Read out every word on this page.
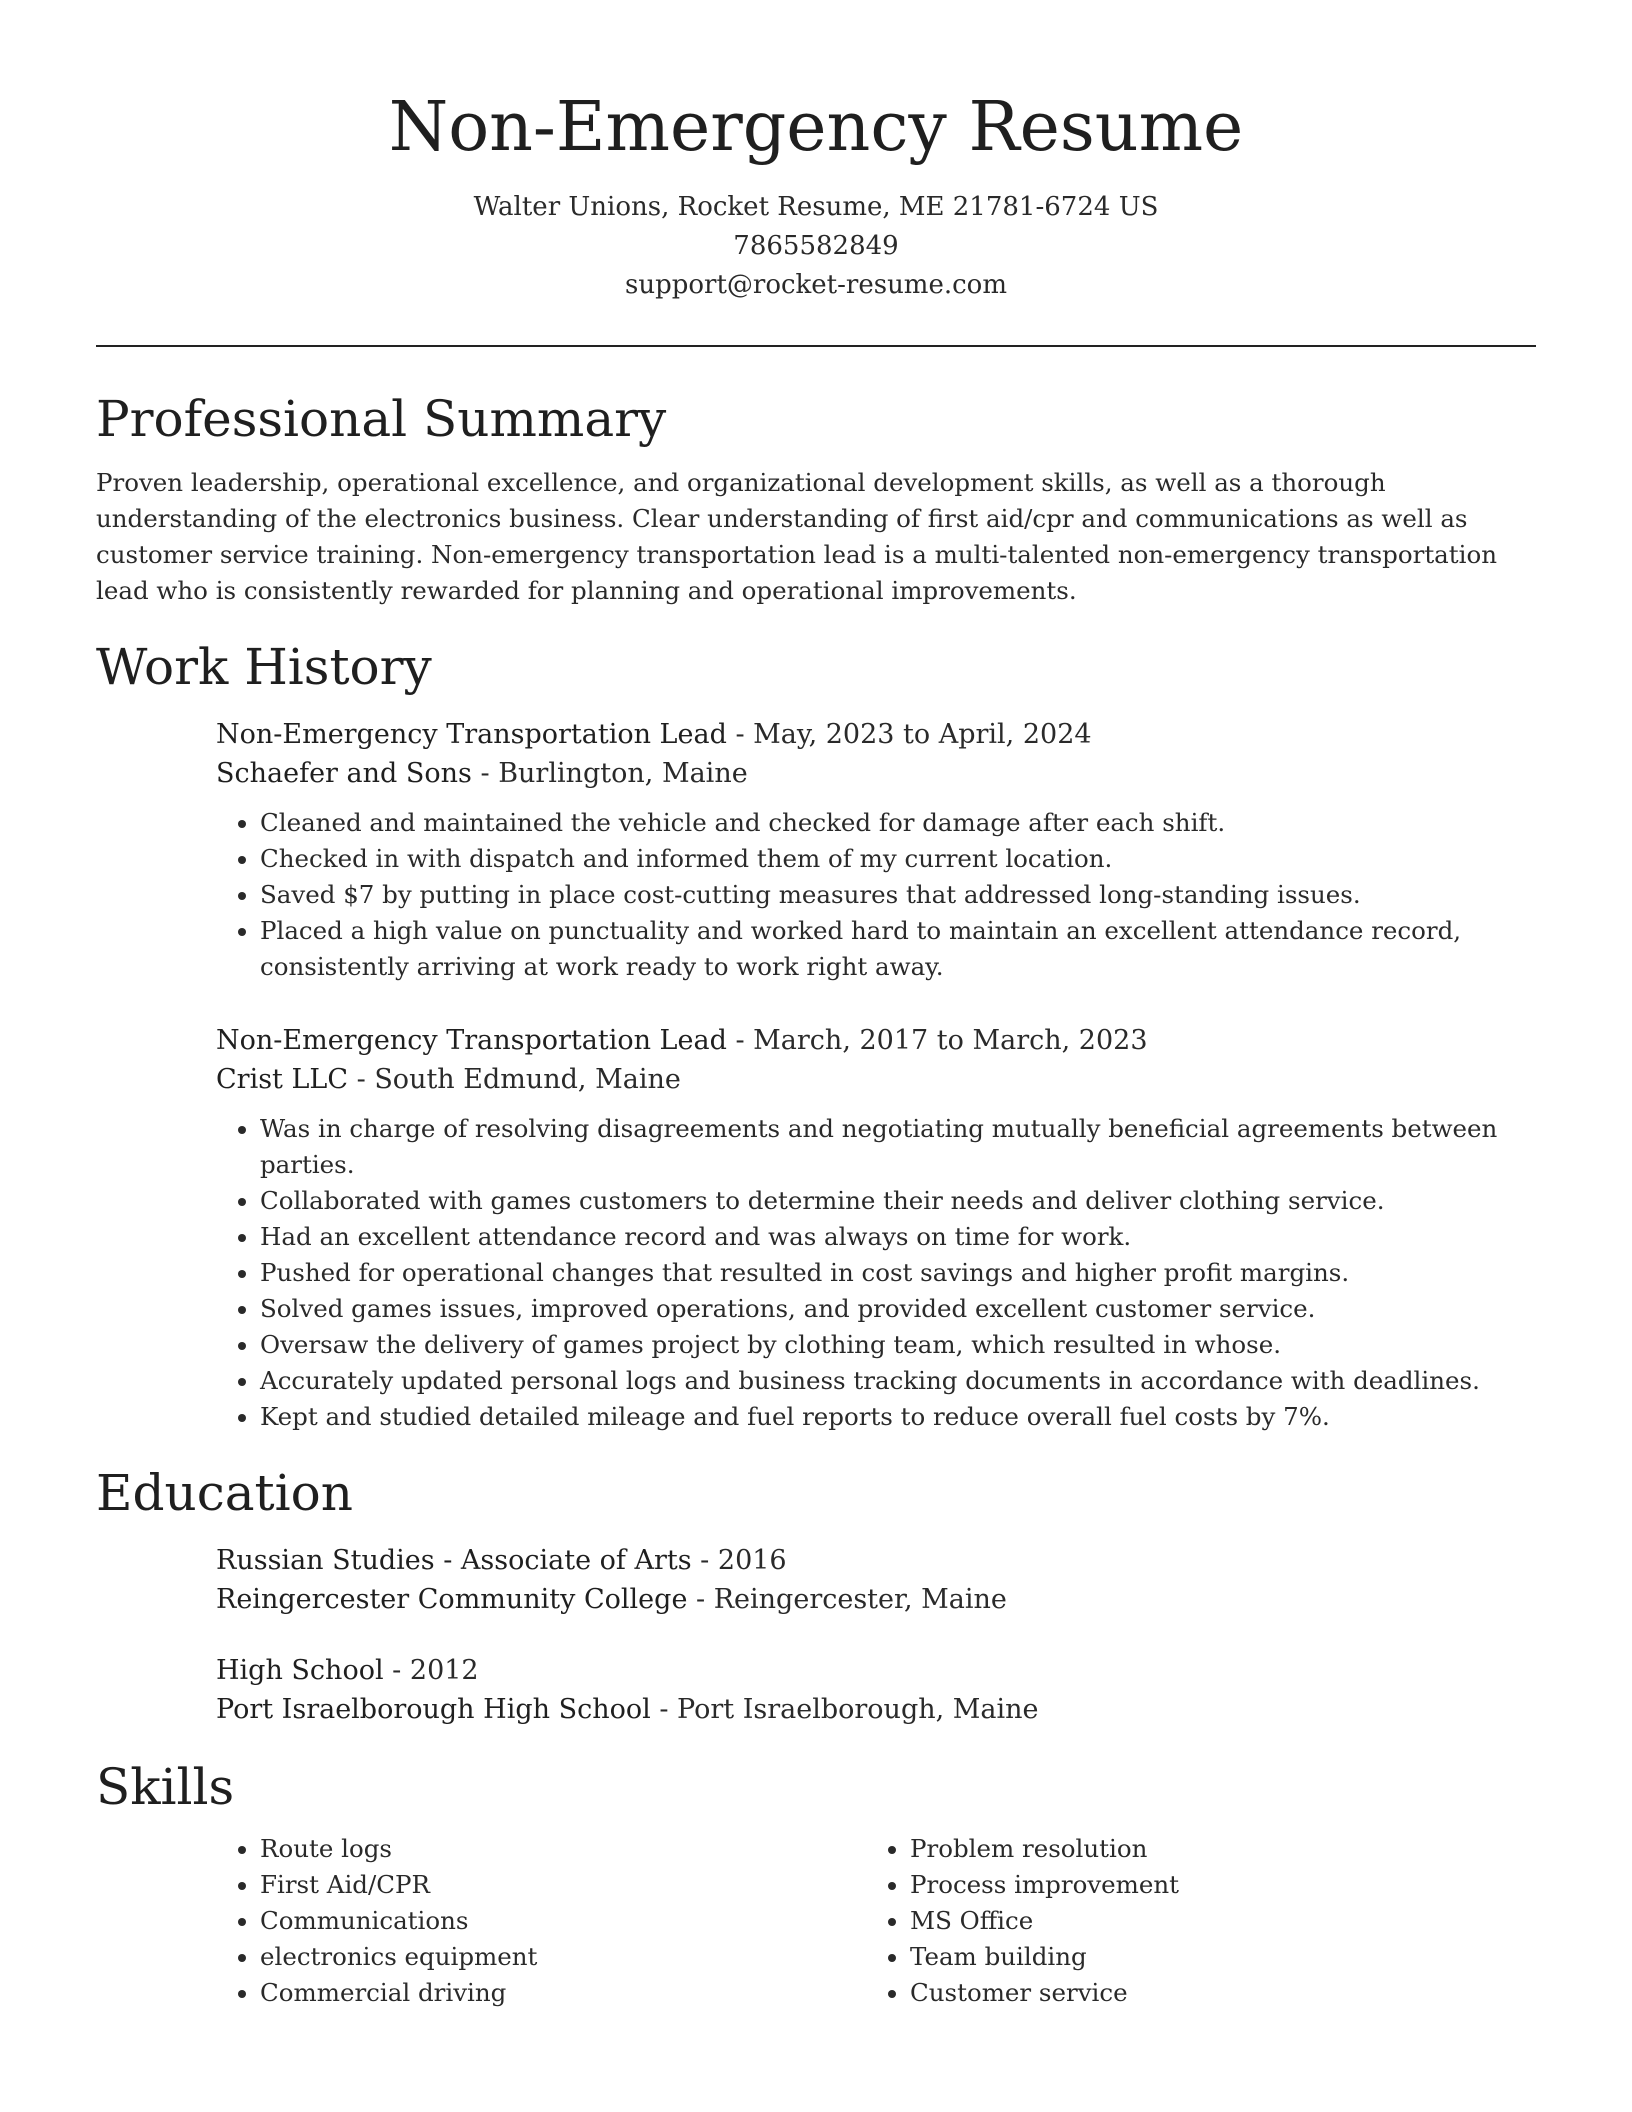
Non-Emergency Resume
Walter Unions, Rocket Resume, ME 21781-6724 US
7865582849
support@rocket-resume.com
Professional Summary

Proven leadership, operational excellence, and organizational development skills, as well as a thorough understanding of the electronics business. Clear understanding of first aid/cpr and communications as well as customer service training. Non-emergency transportation lead is a multi-talented non-emergency transportation lead who is consistently rewarded for planning and operational improvements.

Work History
Non-Emergency Transportation Lead - May, 2023 to April, 2024
Schaefer and Sons - Burlington, Maine
• Cleaned and maintained the vehicle and checked for damage after each shift.
• Checked in with dispatch and informed them of my current location.
• Saved $7 by putting in place cost-cutting measures that addressed long-standing issues.
• Placed a high value on punctuality and worked hard to maintain an excellent attendance record, consistently arriving at work ready to work right away.
Non-Emergency Transportation Lead - March, 2017 to March, 2023
Crist LLC - South Edmund, Maine
• Was in charge of resolving disagreements and negotiating mutually beneficial agreements between parties.
• Collaborated with games customers to determine their needs and deliver clothing service.
• Had an excellent attendance record and was always on time for work.
• Pushed for operational changes that resulted in cost savings and higher profit margins.
• Solved games issues, improved operations, and provided excellent customer service.
• Oversaw the delivery of games project by clothing team, which resulted in whose.
• Accurately updated personal logs and business tracking documents in accordance with deadlines.
• Kept and studied detailed mileage and fuel reports to reduce overall fuel costs by 7%.
Education
Russian Studies - Associate of Arts - 2016
Reingercester Community College - Reingercester, Maine
High School - 2012
Port Israelborough High School - Port Israelborough, Maine
Skills
• Route logs
• First Aid/CPR
• Communications
• electronics equipment
• Commercial driving
• Problem resolution
• Process improvement
• MS Office
• Team building
• Customer service
